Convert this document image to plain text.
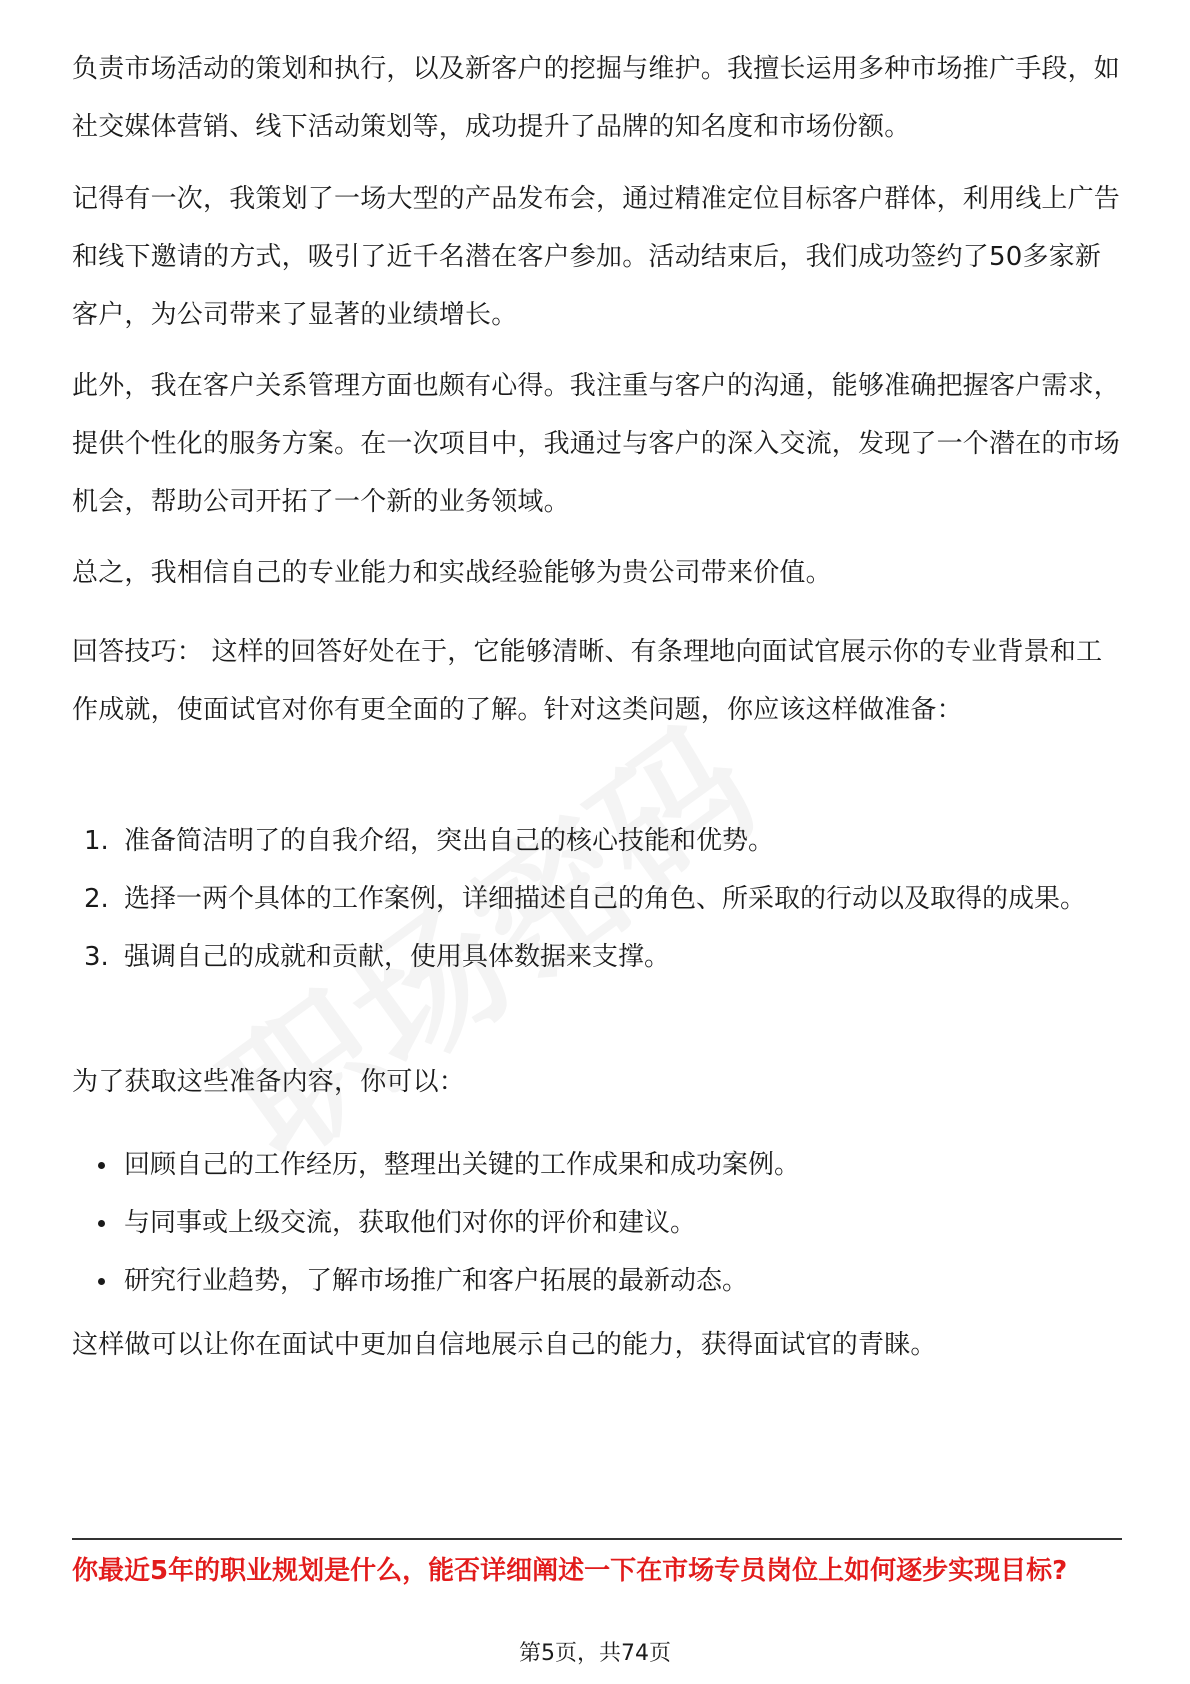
负责市场活动的策划和执行，以及新客户的挖掘与维护。我擅长运用多种市场推广手段，如社交媒体营销、线下活动策划等，成功提升了品牌的知名度和市场份额。

记得有一次，我策划了一场大型的产品发布会，通过精准定位目标客户群体，利用线上广告和线下邀请的方式，吸引了近千名潜在客户参加。活动结束后，我们成功签约了50多家新客户，为公司带来了显著的业绩增长。

此外，我在客户关系管理方面也颇有心得。我注重与客户的沟通，能够准确把握客户需求，提供个性化的服务方案。在一次项目中，我通过与客户的深入交流，发现了一个潜在的市场机会，帮助公司开拓了一个新的业务领域。

总之，我相信自己的专业能力和实战经验能够为贵公司带来价值。

回答技巧： 这样的回答好处在于，它能够清晰、有条理地向面试官展示你的专业背景和工作成就，使面试官对你有更全面的了解。针对这类问题，你应该这样做准备：

1. 准备简洁明了的自我介绍，突出自己的核心技能和优势。
2. 选择一两个具体的工作案例，详细描述自己的角色、所采取的行动以及取得的成果。
3. 强调自己的成就和贡献，使用具体数据来支撑。

为了获取这些准备内容，你可以：

回顾自己的工作经历，整理出关键的工作成果和成功案例。
与同事或上级交流，获取他们对你的评价和建议。
研究行业趋势，了解市场推广和客户拓展的最新动态。

这样做可以让你在面试中更加自信地展示自己的能力，获得面试官的青睐。

你最近5年的职业规划是什么，能否详细阐述一下在市场专员岗位上如何逐步实现目标?

第5页，共74页
